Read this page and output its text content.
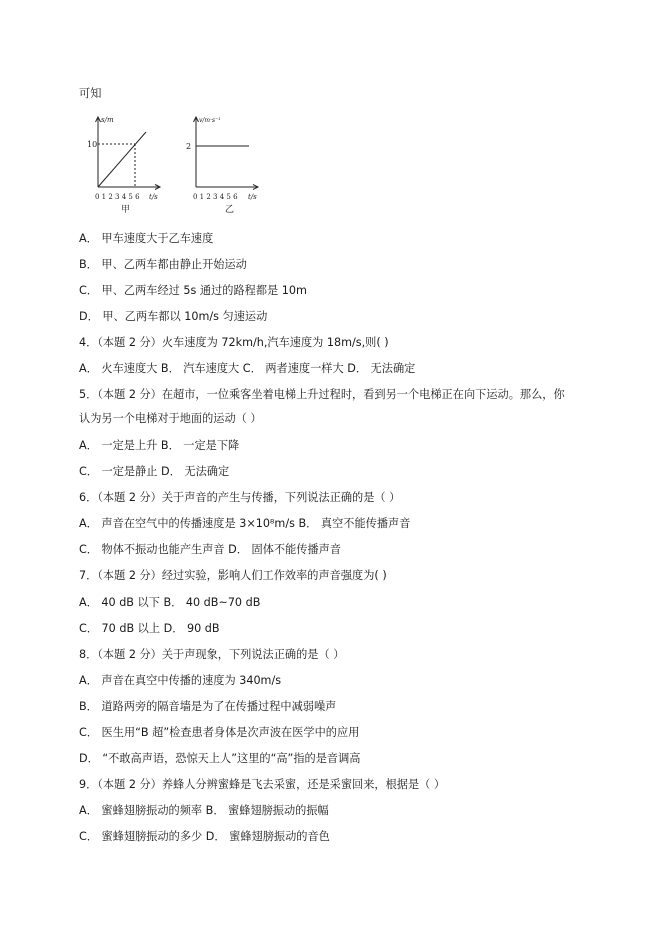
可知

s/m
10
0 1 2 3 4 5 6 t/s
甲
v/m·s⁻¹
2
0 1 2 3 4 5 6 t/s
乙

A． 甲车速度大于乙车速度

B． 甲、乙两车都由静止开始运动

C． 甲、乙两车经过 5s 通过的路程都是 10m

D． 甲、乙两车都以 10m/s 匀速运动

4．（本题 2 分）火车速度为 72km/h,汽车速度为 18m/s,则( )

A． 火车速度大 B． 汽车速度大 C． 两者速度一样大 D． 无法确定

5．（本题 2 分）在超市，一位乘客坐着电梯上升过程时，看到另一个电梯正在向下运动。那么，你

认为另一个电梯对于地面的运动（ ）

A． 一定是上升 B． 一定是下降

C． 一定是静止 D． 无法确定

6．（本题 2 分）关于声音的产生与传播，下列说法正确的是（ ）

A． 声音在空气中的传播速度是 3×10⁸m/s B． 真空不能传播声音

C． 物体不振动也能产生声音 D． 固体不能传播声音

7．（本题 2 分）经过实验，影响人们工作效率的声音强度为( )

A． 40 dB 以下 B． 40 dB~70 dB

C． 70 dB 以上 D． 90 dB

8．（本题 2 分）关于声现象，下列说法正确的是（ ）

A． 声音在真空中传播的速度为 340m/s

B． 道路两旁的隔音墙是为了在传播过程中减弱噪声

C． 医生用“B 超”检查患者身体是次声波在医学中的应用

D． “不敢高声语，恐惊天上人”这里的“高”指的是音调高

9．（本题 2 分）养蜂人分辨蜜蜂是飞去采蜜，还是采蜜回来，根据是（ ）

A． 蜜蜂翅膀振动的频率 B． 蜜蜂翅膀振动的振幅

C． 蜜蜂翅膀振动的多少 D． 蜜蜂翅膀振动的音色
